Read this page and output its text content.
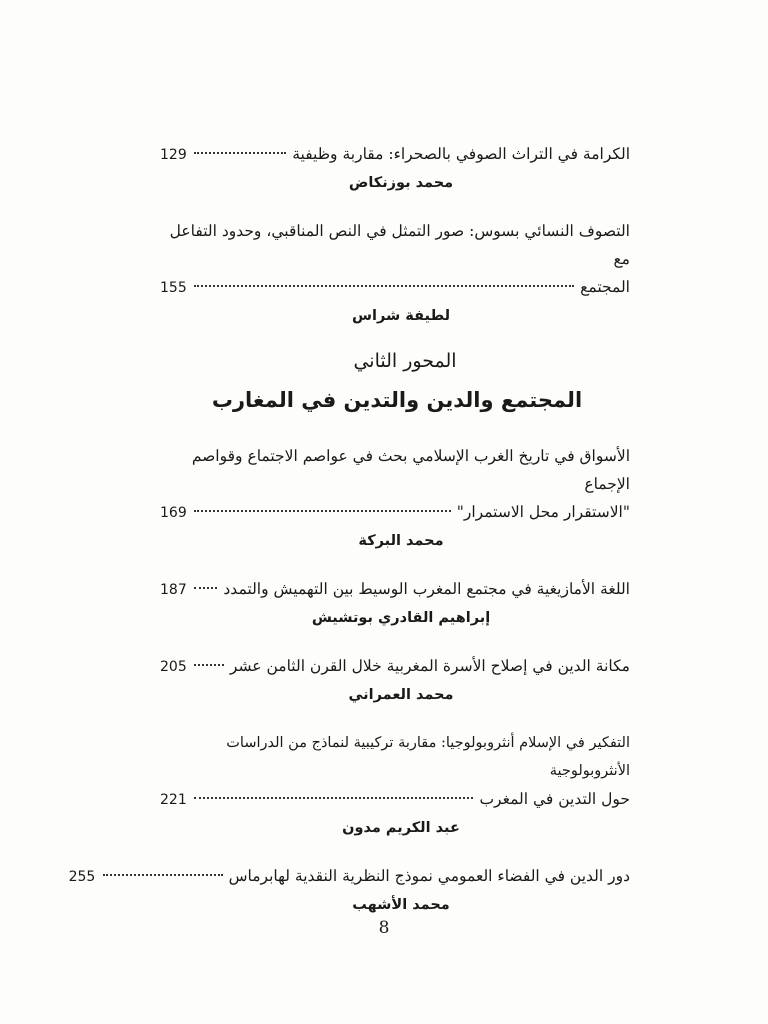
الكرامة في التراث الصوفي بالصحراء: مقاربة وظيفية
129
محمد بوزنكاض
التصوف النسائي بسوس: صور التمثل في النص المناقبي، وحدود التفاعل مع
المجتمع
155
لطيفة شراس
المحور الثاني
المجتمع والدين والتدين في المغارب
الأسواق في تاريخ الغرب الإسلامي بحث في عواصم الاجتماع وقواصم الإجماع
"الاستقرار محل الاستمرار"
169
محمد البركة
اللغة الأمازيغية في مجتمع المغرب الوسيط بين التهميش والتمدد
187
إبراهيم القادري بوتشيش
مكانة الدين في إصلاح الأسرة المغربية خلال القرن الثامن عشر
205
محمد العمراني
التفكير في الإسلام أنثروبولوجيا: مقاربة تركيبية لنماذج من الدراسات الأنثروبولوجية
حول التدين في المغرب
221
عبد الكريم مدون
دور الدين في الفضاء العمومي نموذج النظرية النقدية لهابرماس
255
محمد الأشهب
8
